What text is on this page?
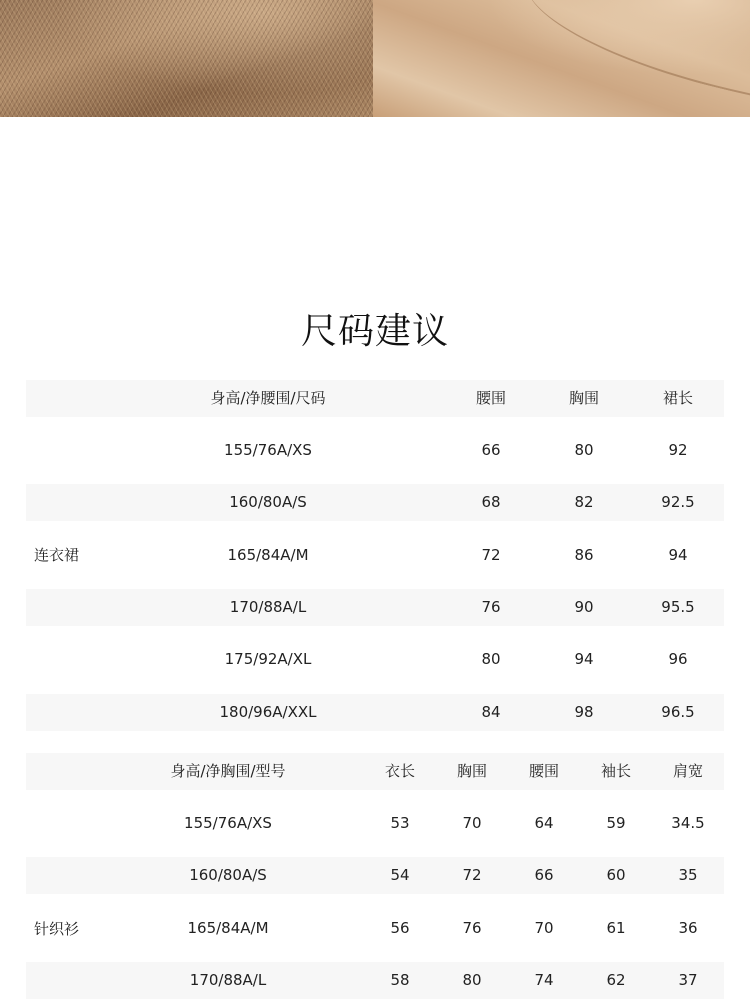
尺码建议
身高/净腰围/尺码	腰围	胸围	裙长
155/76A/XS	66	80	92
160/80A/S	68	82	92.5
165/84A/M	72	86	94
170/88A/L	76	90	95.5
175/92A/XL	80	94	96
180/96A/XXL	84	98	96.5
连衣裙
身高/净胸围/型号	衣长	胸围	腰围	袖长	肩宽
155/76A/XS	53	70	64	59	34.5
160/80A/S	54	72	66	60	35
165/84A/M	56	76	70	61	36
170/88A/L	58	80	74	62	37
针织衫
